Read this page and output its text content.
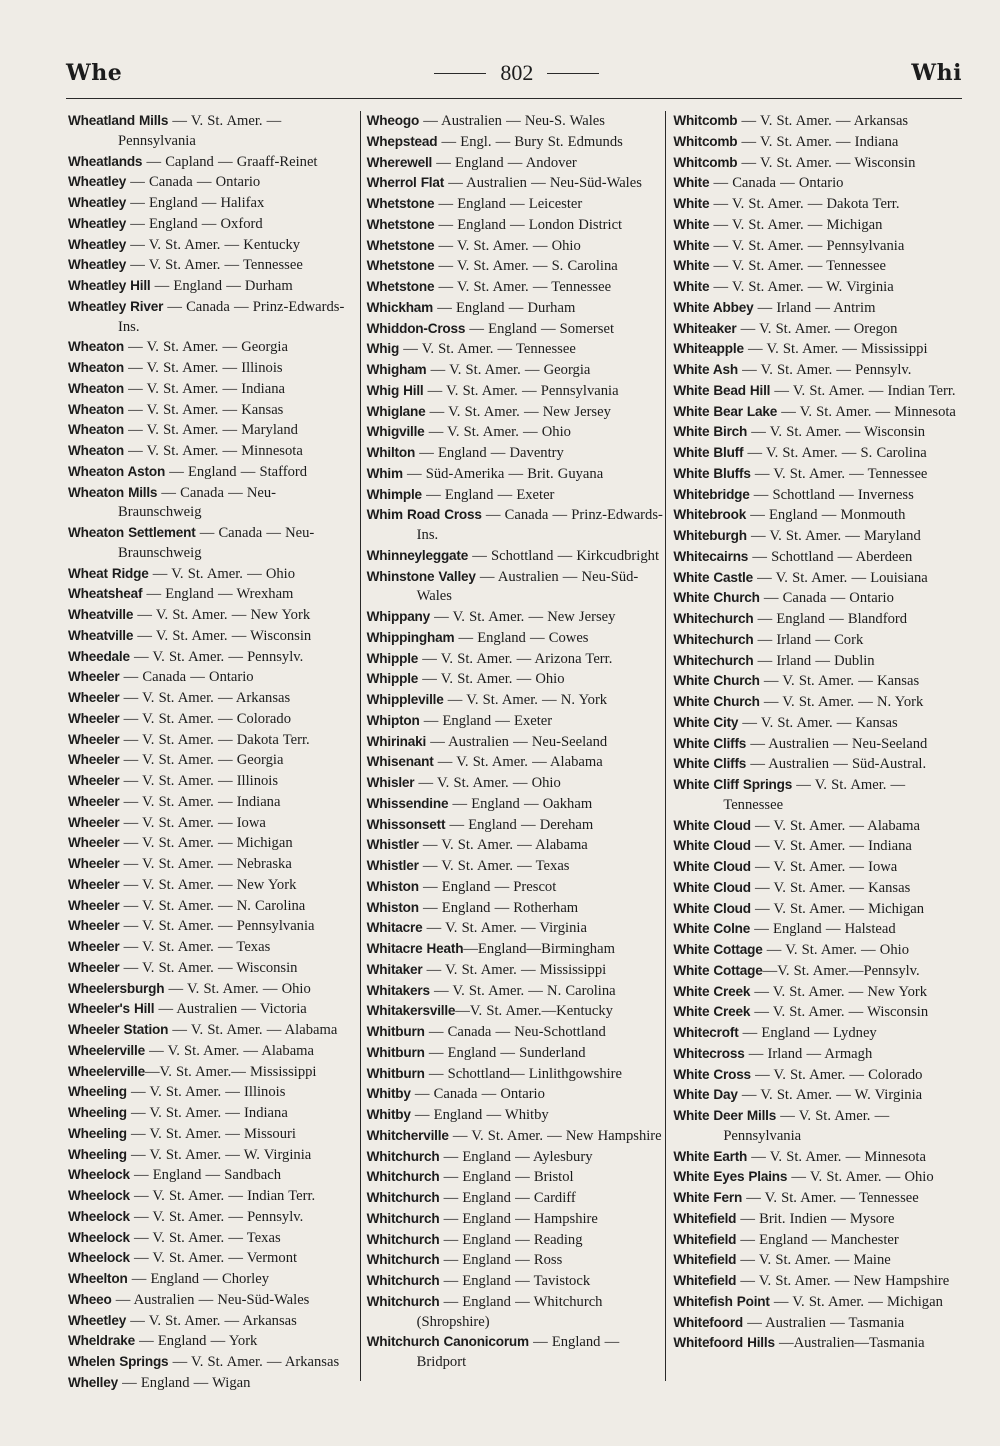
Whe	802	Whi
Wheatland Mills — V. St. Amer. — Pennsylvania
Wheatlands — Capland — Graaff-Reinet
Wheatley — Canada — Ontario
Wheatley — England — Halifax
Wheatley — England — Oxford
Wheatley — V. St. Amer. — Kentucky
Wheatley — V. St. Amer. — Tennessee
Wheatley Hill — England — Durham
Wheatley River — Canada — Prinz-Edwards-Ins.
Wheaton — V. St. Amer. — Georgia
Wheaton — V. St. Amer. — Illinois
Wheaton — V. St. Amer. — Indiana
Wheaton — V. St. Amer. — Kansas
Wheaton — V. St. Amer. — Maryland
Wheaton — V. St. Amer. — Minnesota
Wheaton Aston — England — Stafford
Wheaton Mills — Canada — Neu-Braunschweig
Wheaton Settlement — Canada — Neu-Braunschweig
Wheat Ridge — V. St. Amer. — Ohio
Wheatsheaf — England — Wrexham
Wheatville — V. St. Amer. — New York
Wheatville — V. St. Amer. — Wisconsin
Wheedale — V. St. Amer. — Pennsylv.
Wheeler — Canada — Ontario
Wheeler — V. St. Amer. — Arkansas
Wheeler — V. St. Amer. — Colorado
Wheeler — V. St. Amer. — Dakota Terr.
Wheeler — V. St. Amer. — Georgia
Wheeler — V. St. Amer. — Illinois
Wheeler — V. St. Amer. — Indiana
Wheeler — V. St. Amer. — Iowa
Wheeler — V. St. Amer. — Michigan
Wheeler — V. St. Amer. — Nebraska
Wheeler — V. St. Amer. — New York
Wheeler — V. St. Amer. — N. Carolina
Wheeler — V. St. Amer. — Pennsylvania
Wheeler — V. St. Amer. — Texas
Wheeler — V. St. Amer. — Wisconsin
Wheelersburgh — V. St. Amer. — Ohio
Wheeler's Hill — Australien — Victoria
Wheeler Station — V. St. Amer. — Alabama
Wheelerville — V. St. Amer. — Alabama
Wheelerville—V. St. Amer.— Mississippi
Wheeling — V. St. Amer. — Illinois
Wheeling — V. St. Amer. — Indiana
Wheeling — V. St. Amer. — Missouri
Wheeling — V. St. Amer. — W. Virginia
Wheelock — England — Sandbach
Wheelock — V. St. Amer. — Indian Terr.
Wheelock — V. St. Amer. — Pennsylv.
Wheelock — V. St. Amer. — Texas
Wheelock — V. St. Amer. — Vermont
Wheelton — England — Chorley
Wheeo — Australien — Neu-Süd-Wales
Wheetley — V. St. Amer. — Arkansas
Wheldrake — England — York
Whelen Springs — V. St. Amer. — Arkansas
Whelley — England — Wigan
Wheogo — Australien — Neu-S. Wales
Whepstead — Engl. — Bury St. Edmunds
Wherewell — England — Andover
Wherrol Flat — Australien — Neu-Süd-Wales
Whetstone — England — Leicester
Whetstone — England — London District
Whetstone — V. St. Amer. — Ohio
Whetstone — V. St. Amer. — S. Carolina
Whetstone — V. St. Amer. — Tennessee
Whickham — England — Durham
Whiddon-Cross — England — Somerset
Whig — V. St. Amer. — Tennessee
Whigham — V. St. Amer. — Georgia
Whig Hill — V. St. Amer. — Pennsylvania
Whiglane — V. St. Amer. — New Jersey
Whigville — V. St. Amer. — Ohio
Whilton — England — Daventry
Whim — Süd-Amerika — Brit. Guyana
Whimple — England — Exeter
Whim Road Cross — Canada — Prinz-Edwards-Ins.
Whinneyleggate — Schottland — Kirkcudbright
Whinstone Valley — Australien — Neu-Süd-Wales
Whippany — V. St. Amer. — New Jersey
Whippingham — England — Cowes
Whipple — V. St. Amer. — Arizona Terr.
Whipple — V. St. Amer. — Ohio
Whippleville — V. St. Amer. — N. York
Whipton — England — Exeter
Whirinaki — Australien — Neu-Seeland
Whisenant — V. St. Amer. — Alabama
Whisler — V. St. Amer. — Ohio
Whissendine — England — Oakham
Whissonsett — England — Dereham
Whistler — V. St. Amer. — Alabama
Whistler — V. St. Amer. — Texas
Whiston — England — Prescot
Whiston — England — Rotherham
Whitacre — V. St. Amer. — Virginia
Whitacre Heath—England—Birmingham
Whitaker — V. St. Amer. — Mississippi
Whitakers — V. St. Amer. — N. Carolina
Whitakersville—V. St. Amer.—Kentucky
Whitburn — Canada — Neu-Schottland
Whitburn — England — Sunderland
Whitburn — Schottland— Linlithgowshire
Whitby — Canada — Ontario
Whitby — England — Whitby
Whitcherville — V. St. Amer. — New Hampshire
Whitchurch — England — Aylesbury
Whitchurch — England — Bristol
Whitchurch — England — Cardiff
Whitchurch — England — Hampshire
Whitchurch — England — Reading
Whitchurch — England — Ross
Whitchurch — England — Tavistock
Whitchurch — England — Whitchurch (Shropshire)
Whitchurch Canonicorum — England — Bridport
Whitcomb — V. St. Amer. — Arkansas
Whitcomb — V. St. Amer. — Indiana
Whitcomb — V. St. Amer. — Wisconsin
White — Canada — Ontario
White — V. St. Amer. — Dakota Terr.
White — V. St. Amer. — Michigan
White — V. St. Amer. — Pennsylvania
White — V. St. Amer. — Tennessee
White — V. St. Amer. — W. Virginia
White Abbey — Irland — Antrim
Whiteaker — V. St. Amer. — Oregon
Whiteapple — V. St. Amer. — Mississippi
White Ash — V. St. Amer. — Pennsylv.
White Bead Hill — V. St. Amer. — Indian Terr.
White Bear Lake — V. St. Amer. — Minnesota
White Birch — V. St. Amer. — Wisconsin
White Bluff — V. St. Amer. — S. Carolina
White Bluffs — V. St. Amer. — Tennessee
Whitebridge — Schottland — Inverness
Whitebrook — England — Monmouth
Whiteburgh — V. St. Amer. — Maryland
Whitecairns — Schottland — Aberdeen
White Castle — V. St. Amer. — Louisiana
White Church — Canada — Ontario
Whitechurch — England — Blandford
Whitechurch — Irland — Cork
Whitechurch — Irland — Dublin
White Church — V. St. Amer. — Kansas
White Church — V. St. Amer. — N. York
White City — V. St. Amer. — Kansas
White Cliffs — Australien — Neu-Seeland
White Cliffs — Australien — Süd-Austral.
White Cliff Springs — V. St. Amer. — Tennessee
White Cloud — V. St. Amer. — Alabama
White Cloud — V. St. Amer. — Indiana
White Cloud — V. St. Amer. — Iowa
White Cloud — V. St. Amer. — Kansas
White Cloud — V. St. Amer. — Michigan
White Colne — England — Halstead
White Cottage — V. St. Amer. — Ohio
White Cottage—V. St. Amer.—Pennsylv.
White Creek — V. St. Amer. — New York
White Creek — V. St. Amer. — Wisconsin
Whitecroft — England — Lydney
Whitecross — Irland — Armagh
White Cross — V. St. Amer. — Colorado
White Day — V. St. Amer. — W. Virginia
White Deer Mills — V. St. Amer. — Pennsylvania
White Earth — V. St. Amer. — Minnesota
White Eyes Plains — V. St. Amer. — Ohio
White Fern — V. St. Amer. — Tennessee
Whitefield — Brit. Indien — Mysore
Whitefield — England — Manchester
Whitefield — V. St. Amer. — Maine
Whitefield — V. St. Amer. — New Hampshire
Whitefish Point — V. St. Amer. — Michigan
Whitefoord — Australien — Tasmania
Whitefoord Hills —Australien—Tasmania
